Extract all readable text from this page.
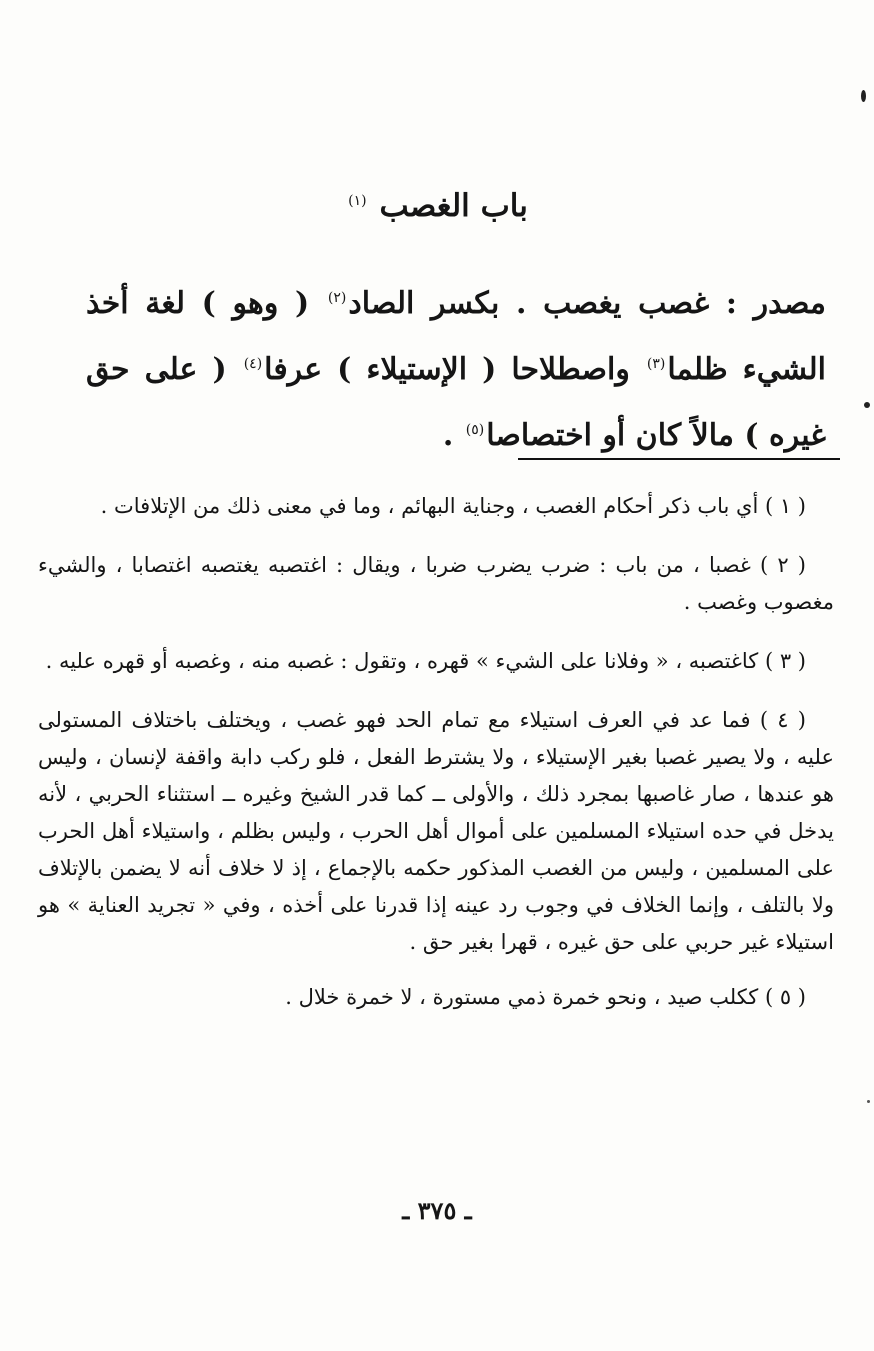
باب الغصب $^{(١)}$

مصدر : غصب يغصب . بكسر الصاد$^{(٢)}$ ( وهو ) لغة أخذ الشيء ظلما$^{(٣)}$ واصطلاحا ( الإستيلاء ) عرفا$^{(٤)}$ ( على حق غيره ) مالاً كان أو اختصاصا$^{(٥)}$ .

( ١ ) أي باب ذكر أحكام الغصب ، وجناية البهائم ، وما في معنى ذلك من الإتلافات .

( ٢ ) غصبا ، من باب : ضرب يضرب ضربا ، ويقال : اغتصبه يغتصبه اغتصابا ، والشيء مغصوب وغصب .

( ٣ ) كاغتصبه ، « وفلانا على الشيء » قهره ، وتقول : غصبه منه ، وغصبه أو قهره عليه .

( ٤ ) فما عد في العرف استيلاء مع تمام الحد فهو غصب ، ويختلف باختلاف المستولى عليه ، ولا يصير غصبا بغير الإستيلاء ، ولا يشترط الفعل ، فلو ركب دابة واقفة لإنسان ، وليس هو عندها ، صار غاصبها بمجرد ذلك ، والأولى ــ كما قدر الشيخ وغيره ــ استثناء الحربي ، لأنه يدخل في حده استيلاء المسلمين على أموال أهل الحرب ، وليس بظلم ، واستيلاء أهل الحرب على المسلمين ، وليس من الغصب المذكور حكمه بالإجماع ، إذ لا خلاف أنه لا يضمن بالإتلاف ولا بالتلف ، وإنما الخلاف في وجوب رد عينه إذا قدرنا على أخذه ، وفي « تجريد العناية » هو استيلاء غير حربي على حق غيره ، قهرا بغير حق .

( ٥ ) ككلب صيد ، ونحو خمرة ذمي مستورة ، لا خمرة خلال .

ـ ٣٧٥ ـ
